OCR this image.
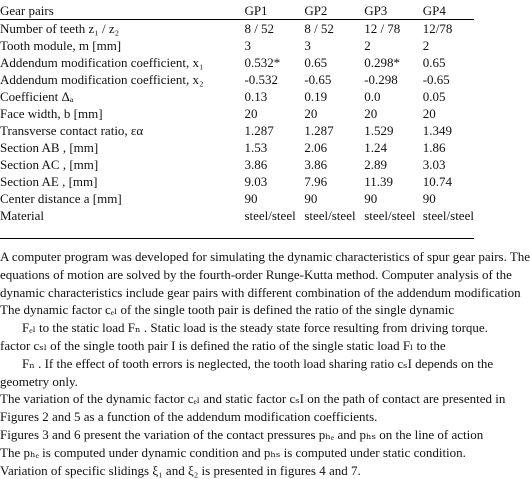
Gear pairs	GP1	GP2	GP3	GP4
Number of teeth z₁ / z₂	8 / 52	8 / 52	12 / 78	12/78
Tooth module, m [mm]	3	3	2	2
Addendum modification coefficient, x₁	0.532*	0.65	0.298*	0.65
Addendum modification coefficient, x₂	-0.532	-0.65	-0.298	-0.65
Coefficient Δₐ	0.13	0.19	0.0	0.05
Face width, b [mm]	20	20	20	20
Transverse contact ratio, εα	1.287	1.287	1.529	1.349
Section AB , [mm]	1.53	2.06	1.24	1.86
Section AC , [mm]	3.86	3.86	2.89	3.03
Section AE , [mm]	9.03	7.96	11.39	10.74
Center distance a [mm]	90	90	90	90
Material	steel/steel	steel/steel	steel/steel	steel/steel
A computer program was developed for simulating the dynamic characteristics of spur gear pairs. The
equations of motion are solved by the fourth-order Runge-Kutta method. Computer analysis of the
dynamic characteristics include gear pairs with different combination of the addendum modification
The dynamic factor cₑₗ of the single tooth pair is defined the ratio of the single dynamic
Fₑₗ to the static load Fₙ . Static load is the steady state force resulting from driving torque.
factor cₛₗ of the single tooth pair I is defined the ratio of the single static load Fₗ to the
Fₙ . If the effect of tooth errors is neglected, the tooth load sharing ratio cₛI depends on the
geometry only.
The variation of the dynamic factor cₑₗ and static factor cₛI on the path of contact are presented in
Figures 2 and 5 as a function of the addendum modification coefficients.
Figures 3 and 6 present the variation of the contact pressures pₕₑ and pₕₛ on the line of action
The pₕₑ is computed under dynamic condition and pₕₛ is computed under static condition.
Variation of specific slidings ξ₁ and ξ₂ is presented in figures 4 and 7.
